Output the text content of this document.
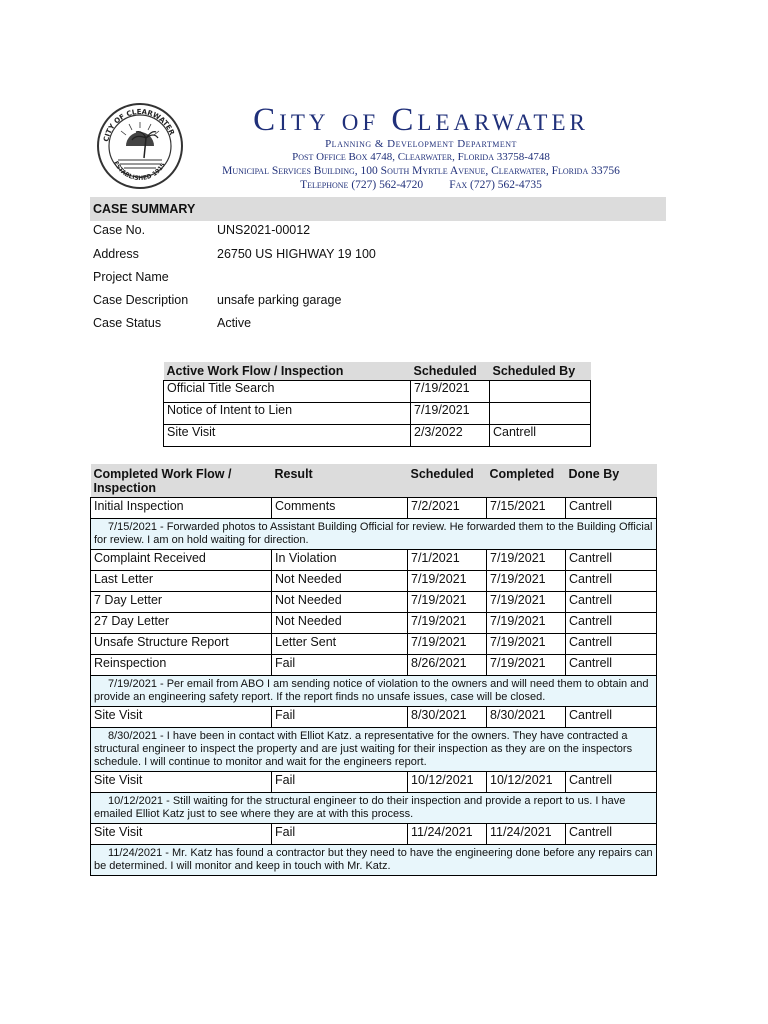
CITY OF CLEARWATER
ESTABLISHED 1915
City of Clearwater
Planning & Development Department
Post Office Box 4748, Clearwater, Florida 33758-4748
Municipal Services Building, 100 South Myrtle Avenue, Clearwater, Florida 33756
Telephone (727) 562-4720 Fax (727) 562-4735
CASE SUMMARY
Case No.	UNS2021-00012
Address	26750 US HIGHWAY 19 100
Project Name
Case Description	unsafe parking garage
Case Status	Active
Active Work Flow / Inspection	Scheduled	Scheduled By
Official Title Search	7/19/2021	
Notice of Intent to Lien	7/19/2021	
Site Visit	2/3/2022	Cantrell
Completed Work Flow / Inspection	Result	Scheduled	Completed	Done By
Initial Inspection	Comments	7/2/2021	7/15/2021	Cantrell

7/15/2021 - Forwarded photos to Assistant Building Official for review. He forwarded them to the Building Official for review. I am on hold waiting for direction.				

Complaint Received	In Violation	7/1/2021	7/19/2021	Cantrell
Last Letter	Not Needed	7/19/2021	7/19/2021	Cantrell
7 Day Letter	Not Needed	7/19/2021	7/19/2021	Cantrell
27 Day Letter	Not Needed	7/19/2021	7/19/2021	Cantrell
Unsafe Structure Report	Letter Sent	7/19/2021	7/19/2021	Cantrell
Reinspection	Fail	8/26/2021	7/19/2021	Cantrell

7/19/2021 - Per email from ABO I am sending notice of violation to the owners and will need them to obtain and provide an engineering safety report. If the report finds no unsafe issues, case will be closed.				

Site Visit	Fail	8/30/2021	8/30/2021	Cantrell

8/30/2021 - I have been in contact with Elliot Katz. a representative for the owners. They have contracted a structural engineer to inspect the property and are just waiting for their inspection as they are on the inspectors schedule. I will continue to monitor and wait for the engineers report.				

Site Visit	Fail	10/12/2021	10/12/2021	Cantrell

10/12/2021 - Still waiting for the structural engineer to do their inspection and provide a report to us. I have emailed Elliot Katz just to see where they are at with this process.				

Site Visit	Fail	11/24/2021	11/24/2021	Cantrell

11/24/2021 - Mr. Katz has found a contractor but they need to have the engineering done before any repairs can be determined. I will monitor and keep in touch with Mr. Katz.				
